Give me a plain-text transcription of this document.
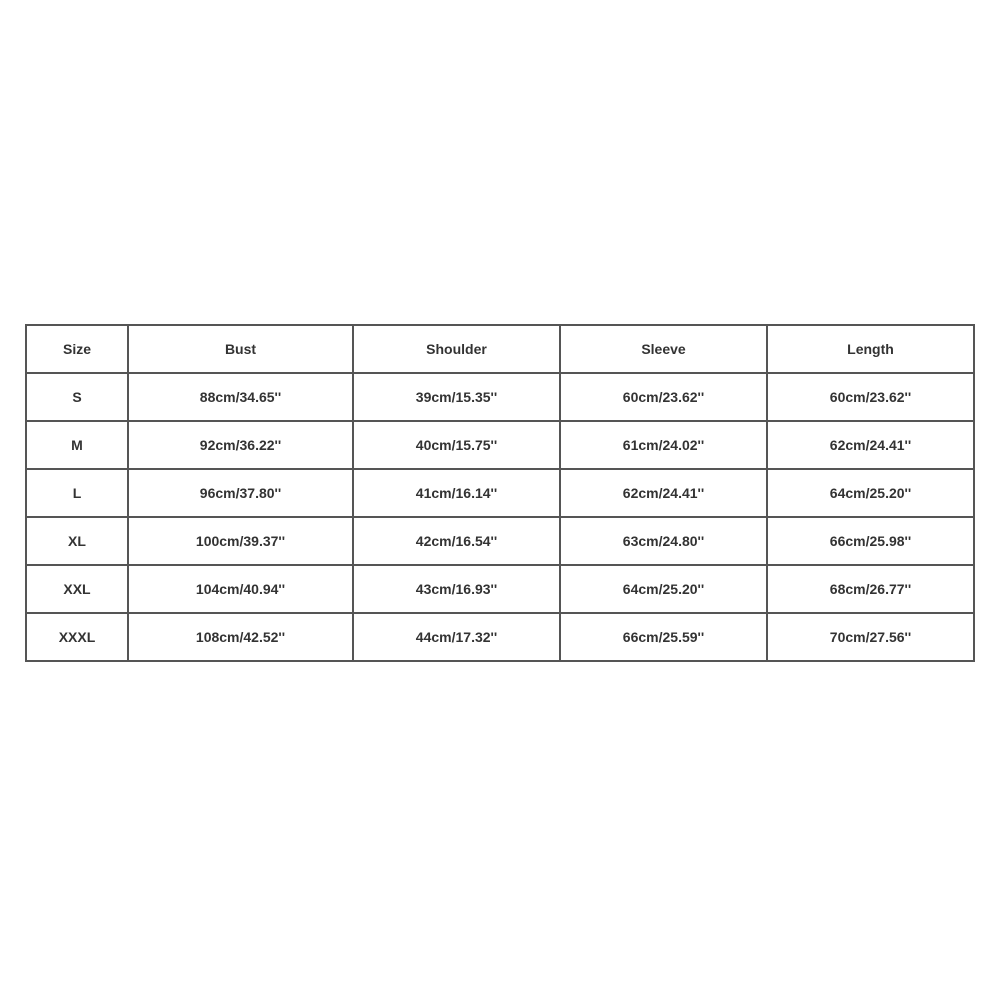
Size	Bust	Shoulder	Sleeve	Length
S	88cm/34.65''	39cm/15.35''	60cm/23.62''	60cm/23.62''
M	92cm/36.22''	40cm/15.75''	61cm/24.02''	62cm/24.41''
L	96cm/37.80''	41cm/16.14''	62cm/24.41''	64cm/25.20''
XL	100cm/39.37''	42cm/16.54''	63cm/24.80''	66cm/25.98''
XXL	104cm/40.94''	43cm/16.93''	64cm/25.20''	68cm/26.77''
XXXL	108cm/42.52''	44cm/17.32''	66cm/25.59''	70cm/27.56''
